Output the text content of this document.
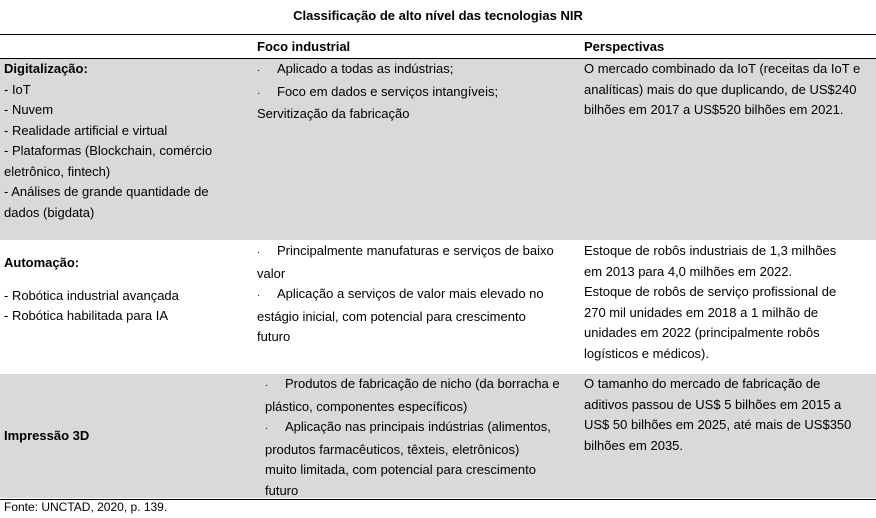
Classificação de alto nível das tecnologias NIR
Foco industrial	Perspectivas
Digitalização:
- IoT
- Nuvem
- Realidade artificial e virtual
- Plataformas (Blockchain, comércio
eletrônico, fintech)
- Análises de grande quantidade de
dados (bigdata)
· Aplicado a todas as indústrias;
· Foco em dados e serviços intangíveis;
Servitização da fabricação
O mercado combinado da IoT (receitas da IoT e
analíticas) mais do que duplicando, de US$240
bilhões em 2017 a US$520 bilhões em 2021.
Automação:
- Robótica industrial avançada
- Robótica habilitada para IA
· Principalmente manufaturas e serviços de baixo
valor
· Aplicação a serviços de valor mais elevado no
estágio inicial, com potencial para crescimento
futuro
Estoque de robôs industriais de 1,3 milhões
em 2013 para 4,0 milhões em 2022.
Estoque de robôs de serviço profissional de
270 mil unidades em 2018 a 1 milhão de
unidades em 2022 (principalmente robôs
logísticos e médicos).
Impressão 3D
· Produtos de fabricação de nicho (da borracha e
plástico, componentes específicos)
· Aplicação nas principais indústrias (alimentos,
produtos farmacêuticos, têxteis, eletrônicos)
muito limitada, com potencial para crescimento
futuro
O tamanho do mercado de fabricação de
aditivos passou de US$ 5 bilhões em 2015 a
US$ 50 bilhões em 2025, até mais de US$350
bilhões em 2035.
Fonte: UNCTAD, 2020, p. 139.
